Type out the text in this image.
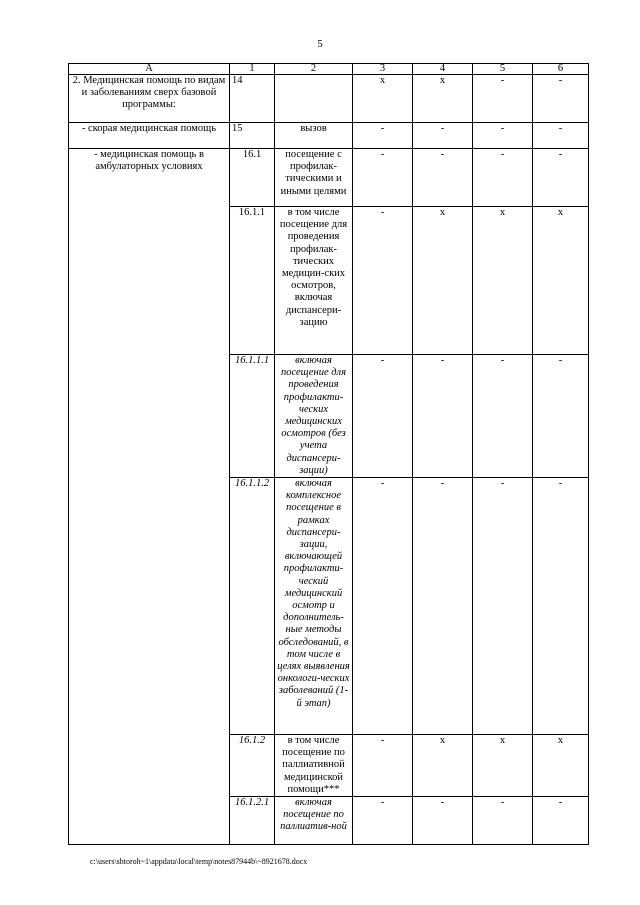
5
А	1	2	3	4	5	6
2. Медицинская помощь по видам и заболеваниям сверх базовой программы:	14		х	х	-	-
- скорая медицинская помощь	15	вызов	-	-	-	-
- медицинская помощь в амбулаторных условиях	16.1	посещение с профилак-тическими и иными целями	-	-	-	-
	16.1.1	в том числе посещение для проведения профилак-тических медицин-ских осмотров, включая диспансери-зацию	-	х	х	х
	16.1.1.1	включая посещение для проведения профилакти-ческих медицинских осмотров (без учета диспансери-зации)	-	-	-	-
	16.1.1.2	включая комплексное посещение в рамках диспансери-зации, включающей профилакти-ческий медицинский осмотр и дополнитель-ные методы обследований, в том числе в целях выявления онкологи-ческих заболеваний (1-й этап)	-	-	-	-
	16.1.2	в том числе посещение по паллиативной медицинской помощи***	-	х	х	х
	16.1.2.1	включая посещение по паллиатив-ной	-	-	-	-
c:\users\shtoroh~1\appdata\local\temp\notes87944b\~8921678.docx
